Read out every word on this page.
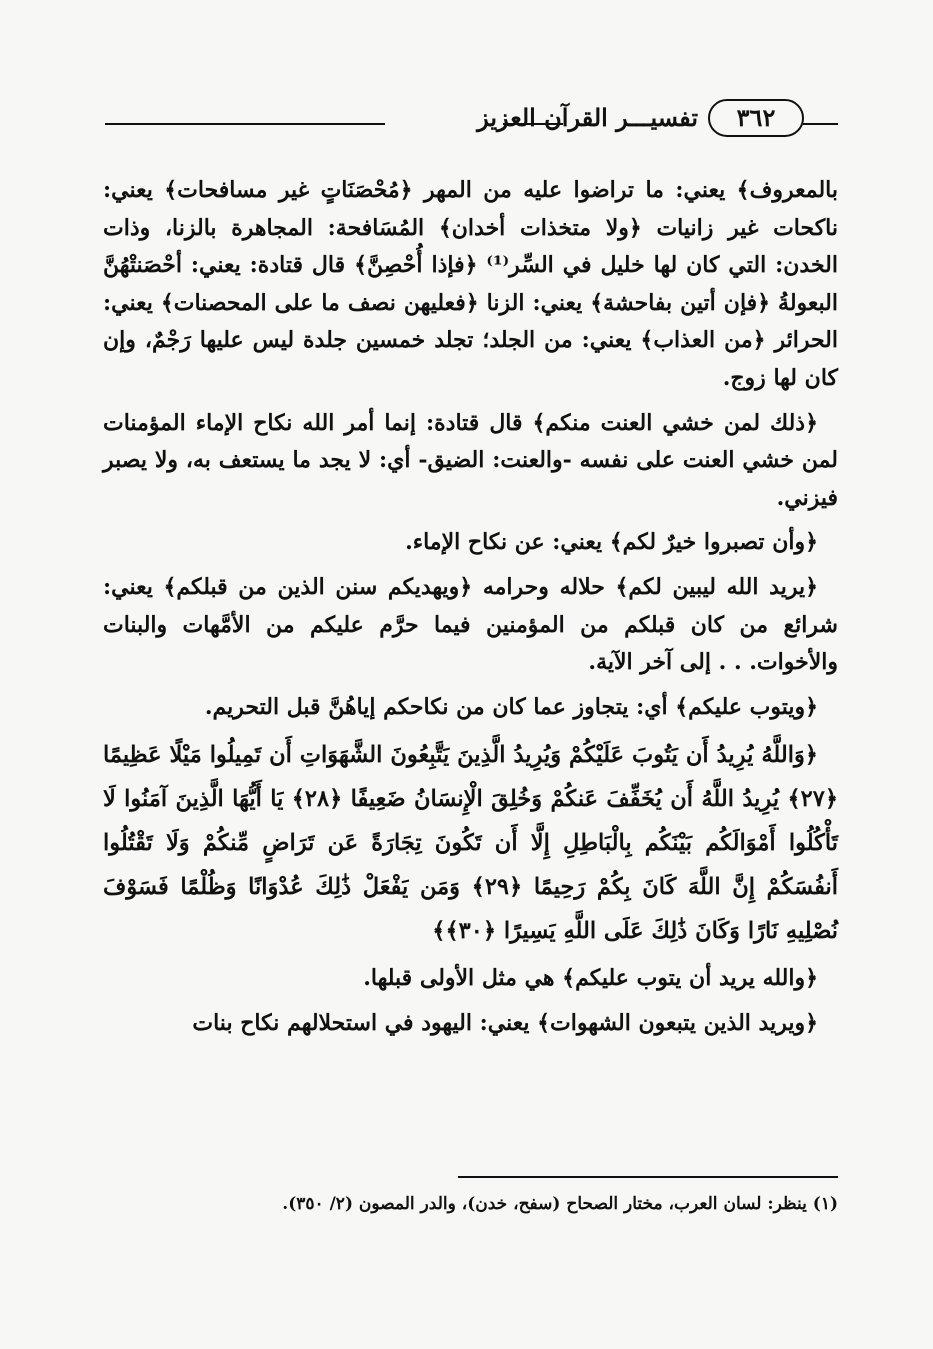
٣٦٢
تفسيـــر القرآن العزيز

بالمعروف﴾ يعني: ما تراضوا عليه من المهر ﴿مُحْصَنَاتٍ غير مسافحات﴾ يعني: ناكحات غير زانيات ﴿ولا متخذات أخدان﴾ المُسَافحة: المجاهرة بالزنا، وذات الخدن: التي كان لها خليل في السِّر⁽¹⁾ ﴿فإذا أُحْصِنَّ﴾ قال قتادة: يعني: أحْصَنتْهُنَّ البعولةُ ﴿فإن أتين بفاحشة﴾ يعني: الزنا ﴿فعليهن نصف ما على المحصنات﴾ يعني: الحرائر ﴿من العذاب﴾ يعني: من الجلد؛ تجلد خمسين جلدة ليس عليها رَجْمٌ، وإن كان لها زوج.

﴿ذلك لمن خشي العنت منكم﴾ قال قتادة: إنما أمر الله نكاح الإماء المؤمنات لمن خشي العنت على نفسه -والعنت: الضيق- أي: لا يجد ما يستعف به، ولا يصبر فيزني.

﴿وأن تصبروا خيرٌ لكم﴾ يعني: عن نكاح الإماء.

﴿يريد الله ليبين لكم﴾ حلاله وحرامه ﴿ويهديكم سنن الذين من قبلكم﴾ يعني: شرائع من كان قبلكم من المؤمنين فيما حرَّم عليكم من الأمَّهات والبنات والأخوات. . . إلى آخر الآية.

﴿ويتوب عليكم﴾ أي: يتجاوز عما كان من نكاحكم إياهُنَّ قبل التحريم.

﴿وَاللَّهُ يُرِيدُ أَن يَتُوبَ عَلَيْكُمْ وَيُرِيدُ الَّذِينَ يَتَّبِعُونَ الشَّهَوَاتِ أَن تَمِيلُوا مَيْلًا عَظِيمًا ﴿٢٧﴾ يُرِيدُ اللَّهُ أَن يُخَفِّفَ عَنكُمْ وَخُلِقَ الْإِنسَانُ ضَعِيفًا ﴿٢٨﴾ يَا أَيُّهَا الَّذِينَ آمَنُوا لَا تَأْكُلُوا أَمْوَالَكُم بَيْنَكُم بِالْبَاطِلِ إِلَّا أَن تَكُونَ تِجَارَةً عَن تَرَاضٍ مِّنكُمْ وَلَا تَقْتُلُوا أَنفُسَكُمْ إِنَّ اللَّهَ كَانَ بِكُمْ رَحِيمًا ﴿٢٩﴾ وَمَن يَفْعَلْ ذَٰلِكَ عُدْوَانًا وَظُلْمًا فَسَوْفَ نُصْلِيهِ نَارًا وَكَانَ ذَٰلِكَ عَلَى اللَّهِ يَسِيرًا ﴿٣٠﴾﴾

﴿والله يريد أن يتوب عليكم﴾ هي مثل الأولى قبلها.

﴿ويريد الذين يتبعون الشهوات﴾ يعني: اليهود في استحلالهم نكاح بنات

(١) ينظر: لسان العرب، مختار الصحاح (سفح، خدن)، والدر المصون (٢/ ٣٥٠).
